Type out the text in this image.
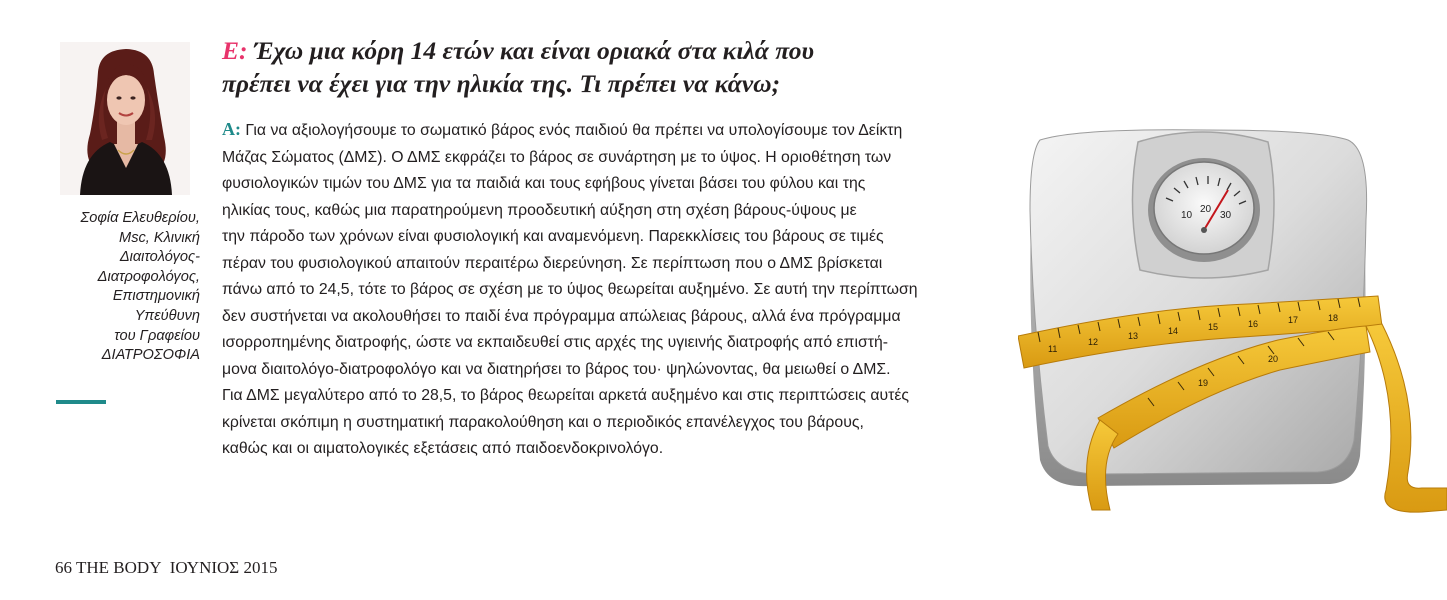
Σοφία Ελευθερίου,
Msc, Κλινική
Διαιτολόγος-
Διατροφολόγος,
Επιστημονική
Υπεύθυνη
του Γραφείου
ΔΙΑΤΡΟΣΟΦΙΑ
E: Έχω μια κόρη 14 ετών και είναι οριακά στα κιλά που
πρέπει να έχει για την ηλικία της. Τι πρέπει να κάνω;
A: Για να αξιολογήσουμε το σωματικό βάρος ενός παιδιού θα πρέπει να υπολογίσουμε τον Δείκτη
Μάζας Σώματος (ΔΜΣ). Ο ΔΜΣ εκφράζει το βάρος σε συνάρτηση με το ύψος. Η οριοθέτηση των
φυσιολογικών τιμών του ΔΜΣ για τα παιδιά και τους εφήβους γίνεται βάσει του φύλου και της
ηλικίας τους, καθώς μια παρατηρούμενη προοδευτική αύξηση στη σχέση βάρους-ύψους με
την πάροδο των χρόνων είναι φυσιολογική και αναμενόμενη. Παρεκκλίσεις του βάρους σε τιμές
πέραν του φυσιολογικού απαιτούν περαιτέρω διερεύνηση. Σε περίπτωση που ο ΔΜΣ βρίσκεται
πάνω από το 24,5, τότε το βάρος σε σχέση με το ύψος θεωρείται αυξημένο. Σε αυτή την περίπτωση
δεν συστήνεται να ακολουθήσει το παιδί ένα πρόγραμμα απώλειας βάρους, αλλά ένα πρόγραμμα
ισορροπημένης διατροφής, ώστε να εκπαιδευθεί στις αρχές της υγιεινής διατροφής από επιστή-
μονα διαιτολόγο-διατροφολόγο και να διατηρήσει το βάρος του· ψηλώνοντας, θα μειωθεί ο ΔΜΣ.
Για ΔΜΣ μεγαλύτερο από το 28,5, το βάρος θεωρείται αρκετά αυξημένο και στις περιπτώσεις αυτές
κρίνεται σκόπιμη η συστηματική παρακολούθηση και ο περιοδικός επανέλεγχος του βάρους,
καθώς και οι αιματολογικές εξετάσεις από παιδοενδοκρινολόγο.
10
20
30
11
12
13	14	15	16	17	18
19
20
66 THE BODY ΙΟΥΝΙΟΣ 2015
